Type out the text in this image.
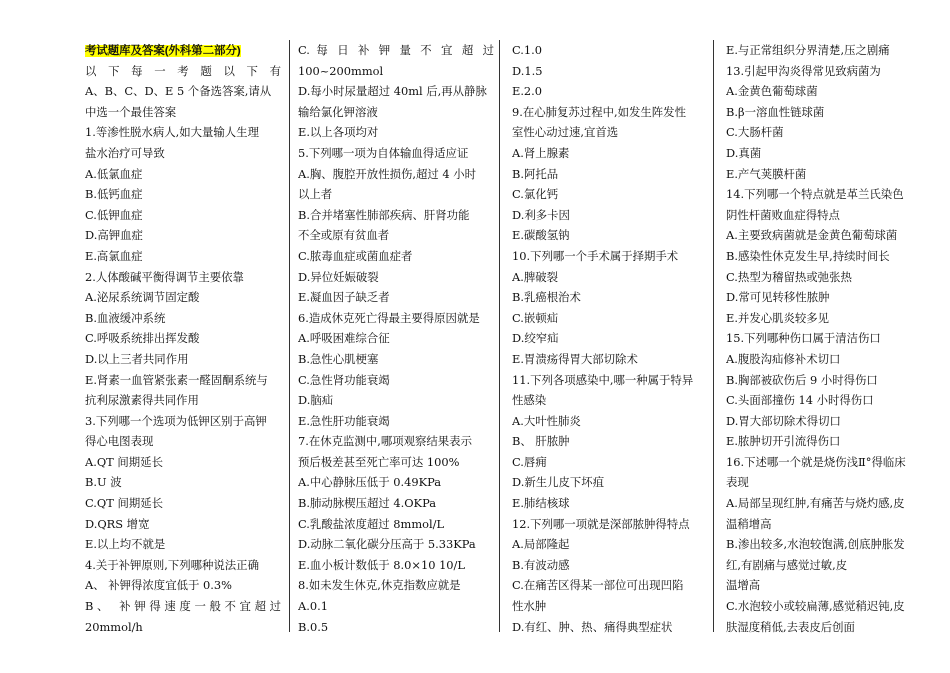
考试题库及答案(外科第二部分)
以 下 每 一 考 题 以 下 有
A、B、C、D、E 5 个备选答案,请从
中选一个最佳答案
1.等渗性脱水病人,如大量输人生理
盐水治疗可导致
A.低氯血症
B.低钙血症
C.低钾血症
D.高钾血症
E.高氯血症
2.人体酸碱平衡得调节主要依靠
A.泌尿系统调节固定酸
B.血液缓冲系统
C.呼吸系统排出挥发酸
D.以上三者共同作用
E.肾素一血管紧张素一醛固酮系统与
抗利尿激素得共同作用
3.下列哪一个选项为低钾区别于高钾
得心电图表现
A.QT 间期延长
B.U 波
C.QT 间期延长
D.QRS 增宽
E.以上均不就是
4.关于补钾原则,下列哪种说法正确
A、 补钾得浓度宜低于 0.3%
B、 补钾得速度一般不宜超过
20mmol/h
C. 每 日 补 钾 量 不 宜 超 过
100~200mmol
D.每小时尿量超过 40ml 后,再从静脉
输给氯化钾溶液
E.以上各项均对
5.下列哪一项为自体输血得适应证
A.胸、腹腔开放性损伤,超过 4 小时
以上者
B.合并堵塞性肺部疾病、肝肾功能
不全或原有贫血者
C.脓毒血症或菌血症者
D.异位妊娠破裂
E.凝血因子缺乏者
6.造成休克死亡得最主要得原因就是
A.呼吸困难综合征
B.急性心肌梗塞
C.急性肾功能衰竭
D.脑疝
E.急性肝功能衰竭
7.在休克监测中,哪项观察结果表示
预后极差甚至死亡率可达 100%
A.中心静脉压低于 0.49KPa
B.肺动脉楔压超过 4.OKPa
C.乳酸盐浓度超过 8mmol/L
D.动脉二氧化碳分压高于 5.33KPa
E.血小板计数低于 8.0×10 10/L
8.如未发生休克,休克指数应就是
A.0.1
B.0.5
C.1.0
D.1.5
E.2.0
9.在心肺复苏过程中,如发生阵发性
室性心动过速,宜首选
A.肾上腺素
B.阿托品
C.氯化钙
D.利多卡因
E.碳酸氢钠
10.下列哪一个手术属于择期手术
A.脾破裂
B.乳癌根治术
C.嵌顿疝
D.绞窄疝
E.胃溃疡得胃大部切除术
11.下列各项感染中,哪一种属于特异
性感染
A.大叶性肺炎
B、 肝脓肿
C.唇痈
D.新生儿皮下坏疽
E.肺结核球
12.下列哪一项就是深部脓肿得特点
A.局部隆起
B.有波动感
C.在痛苦区得某一部位可出现凹陷
性水肿
D.有红、肿、热、痛得典型症状
E.与正常组织分界清楚,压之剧痛
13.引起甲沟炎得常见致病菌为
A.金黄色葡萄球菌
B.β一溶血性链球菌
C.大肠杆菌
D.真菌
E.产气荚膜杆菌
14.下列哪一个特点就是革兰氏染色
阴性杆菌败血症得特点
A.主要致病菌就是金黄色葡萄球菌
B.感染性休克发生早,持续时间长
C.热型为稽留热或弛张热
D.常可见转移性脓肿
E.并发心肌炎较多见
15.下列哪种伤口属于清洁伤口
A.腹股沟疝修补术切口
B.胸部被砍伤后 9 小时得伤口
C.头面部撞伤 14 小时得伤口
D.胃大部切除术得切口
E.脓肿切开引流得伤口
16.下述哪一个就是烧伤浅Ⅱ°得临床
表现
A.局部呈现红肿,有痛苦与烧灼感,皮
温稍增高
B.渗出较多,水泡较饱满,创底肿胀发
红,有剧痛与感觉过敏,皮
温增高
C.水泡较小或较扁薄,感觉稍迟钝,皮
肤湿度稍低,去表皮后创面
